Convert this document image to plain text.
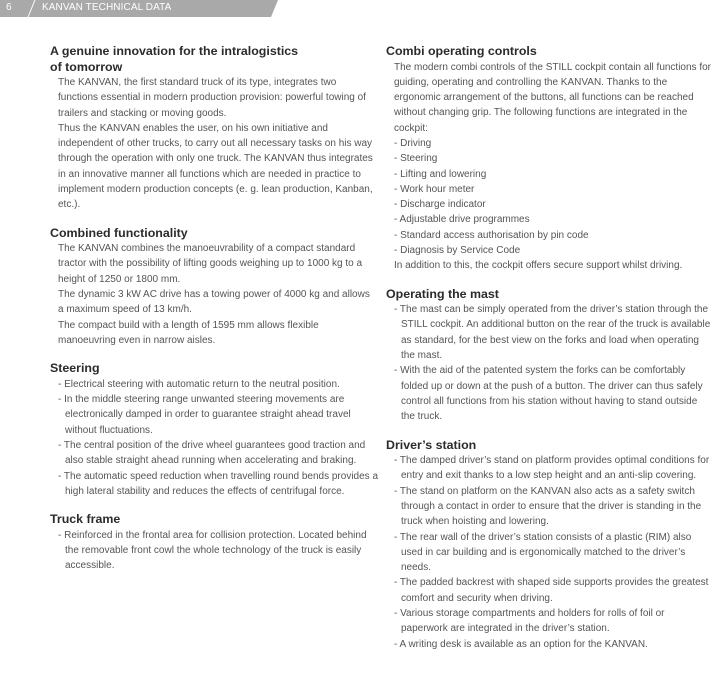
6	KANVAN TECHNICAL DATA
A genuine innovation for the intralogistics
of tomorrow

The KANVAN, the first standard truck of its type, integrates two functions essential in modern production provision: powerful towing of trailers and stacking or moving goods.

Thus the KANVAN enables the user, on his own initiative and independent of other trucks, to carry out all necessary tasks on his way through the operation with only one truck. The KANVAN thus integrates in an innovative manner all functions which are needed in practice to implement modern production concepts (e. g. lean production, Kanban, etc.).

Combined functionality

The KANVAN combines the manoeuvrability of a compact standard tractor with the possibility of lifting goods weighing up to 1000 kg to a height of 1250 or 1800 mm.

The dynamic 3 kW AC drive has a towing power of 4000 kg and allows a maximum speed of 13 km/h.

The compact build with a length of 1595 mm allows flexible manoeuvring even in narrow aisles.

Steering
- Electrical steering with automatic return to the neutral position.
- In the middle steering range unwanted steering movements are electronically damped in order to guarantee straight ahead travel without fluctuations.
- The central position of the drive wheel guarantees good traction and also stable straight ahead running when accelerating and braking.
- The automatic speed reduction when travelling round bends provides a high lateral stability and reduces the effects of centrifugal force.
Truck frame
- Reinforced in the frontal area for collision protection. Located behind the removable front cowl the whole technology of the truck is easily accessible.
Combi operating controls

The modern combi controls of the STILL cockpit contain all functions for guiding, operating and controlling the KANVAN. Thanks to the ergonomic arrangement of the buttons, all functions can be reached without changing grip. The following functions are integrated in the cockpit:

- Driving
- Steering
- Lifting and lowering
- Work hour meter
- Discharge indicator
- Adjustable drive programmes
- Standard access authorisation by pin code
- Diagnosis by Service Code

In addition to this, the cockpit offers secure support whilst driving.

Operating the mast
- The mast can be simply operated from the driver’s station through the STILL cockpit. An additional button on the rear of the truck is available as standard, for the best view on the forks and load when operating the mast.
- With the aid of the patented system the forks can be comfortably folded up or down at the push of a button. The driver can thus safely control all functions from his station without having to stand outside the truck.
Driver’s station
- The damped driver’s stand on platform provides optimal conditions for entry and exit thanks to a low step height and an anti-slip covering.
- The stand on platform on the KANVAN also acts as a safety switch through a contact in order to ensure that the driver is standing in the truck when hoisting and lowering.
- The rear wall of the driver’s station consists of a plastic (RIM) also used in car building and is ergonomically matched to the driver’s needs.
- The padded backrest with shaped side supports provides the greatest comfort and security when driving.
- Various storage compartments and holders for rolls of foil or paperwork are integrated in the driver’s station.
- A writing desk is available as an option for the KANVAN.
